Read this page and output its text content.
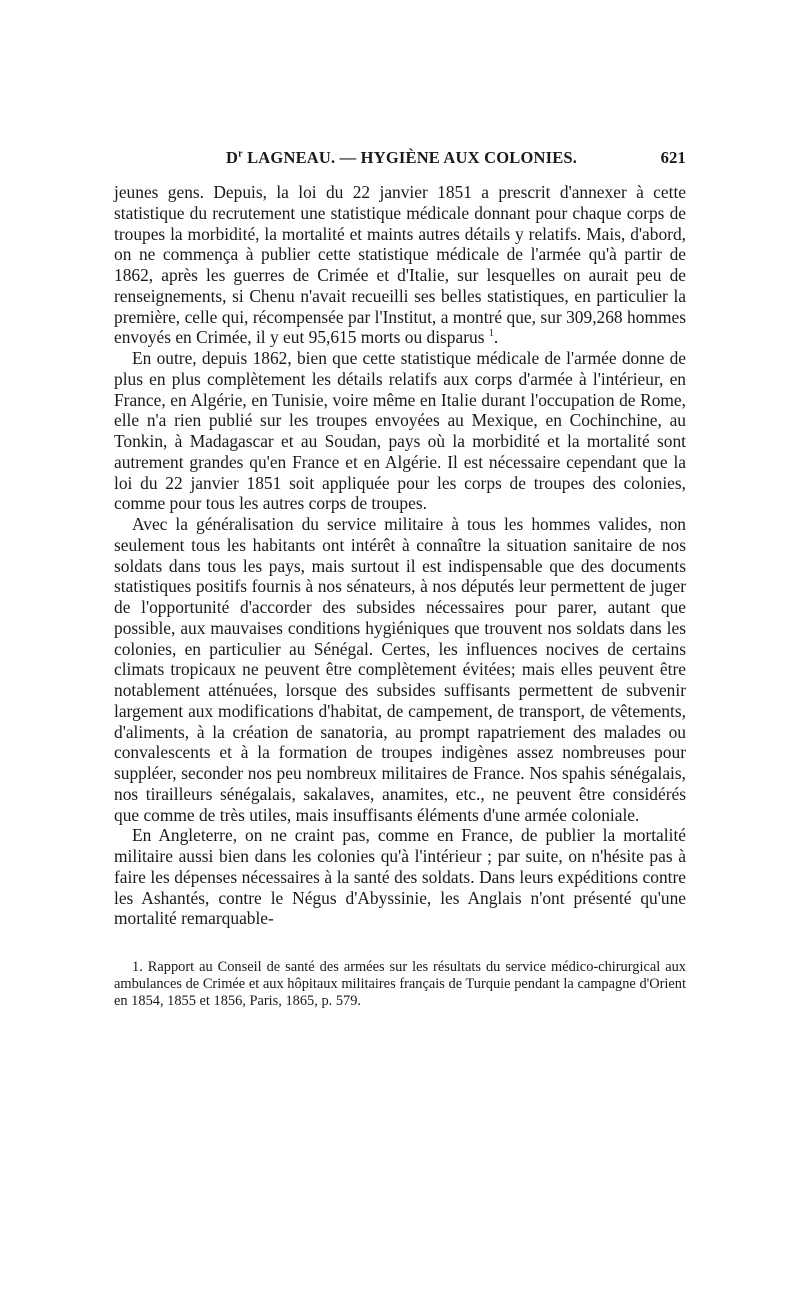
$D^r$ LAGNEAU. — HYGIÈNE AUX COLONIES.	621

jeunes gens. Depuis, la loi du 22 janvier 1851 a prescrit d'annexer à cette statistique du recrutement une statistique médicale donnant pour chaque corps de troupes la morbidité, la mortalité et maints autres détails y relatifs. Mais, d'abord, on ne commença à publier cette statistique médicale de l'armée qu'à partir de 1862, après les guerres de Crimée et d'Italie, sur lesquelles on aurait peu de renseignements, si Chenu n'avait recueilli ses belles statistiques, en particulier la première, celle qui, récompensée par l'Institut, a montré que, sur 309,268 hommes envoyés en Crimée, il y eut 95,615 morts ou disparus $^1$.

En outre, depuis 1862, bien que cette statistique médicale de l'armée donne de plus en plus complètement les détails relatifs aux corps d'armée à l'intérieur, en France, en Algérie, en Tunisie, voire même en Italie durant l'occupation de Rome, elle n'a rien publié sur les troupes envoyées au Mexique, en Cochinchine, au Tonkin, à Madagascar et au Soudan, pays où la morbidité et la mortalité sont autrement grandes qu'en France et en Algérie. Il est nécessaire cependant que la loi du 22 janvier 1851 soit appliquée pour les corps de troupes des colonies, comme pour tous les autres corps de troupes.

Avec la généralisation du service militaire à tous les hommes valides, non seulement tous les habitants ont intérêt à connaître la situation sanitaire de nos soldats dans tous les pays, mais surtout il est indispensable que des documents statistiques positifs fournis à nos sénateurs, à nos députés leur permettent de juger de l'opportunité d'accorder des subsides nécessaires pour parer, autant que possible, aux mauvaises conditions hygiéniques que trouvent nos soldats dans les colonies, en particulier au Sénégal. Certes, les influences nocives de certains climats tropicaux ne peuvent être complètement évitées; mais elles peuvent être notablement atténuées, lorsque des subsides suffisants permettent de subvenir largement aux modifications d'habitat, de campement, de transport, de vêtements, d'aliments, à la création de sanatoria, au prompt rapatriement des malades ou convalescents et à la formation de troupes indigènes assez nombreuses pour suppléer, seconder nos peu nombreux militaires de France. Nos spahis sénégalais, nos tirailleurs sénégalais, sakalaves, anamites, etc., ne peuvent être considérés que comme de très utiles, mais insuffisants éléments d'une armée coloniale.

En Angleterre, on ne craint pas, comme en France, de publier la mortalité militaire aussi bien dans les colonies qu'à l'intérieur ; par suite, on n'hésite pas à faire les dépenses nécessaires à la santé des soldats. Dans leurs expéditions contre les Ashantés, contre le Négus d'Abyssinie, les Anglais n'ont présenté qu'une mortalité remarquable-

1. Rapport au Conseil de santé des armées sur les résultats du service médico-chirurgical aux ambulances de Crimée et aux hôpitaux militaires français de Turquie pendant la campagne d'Orient en 1854, 1855 et 1856, Paris, 1865, p. 579.
